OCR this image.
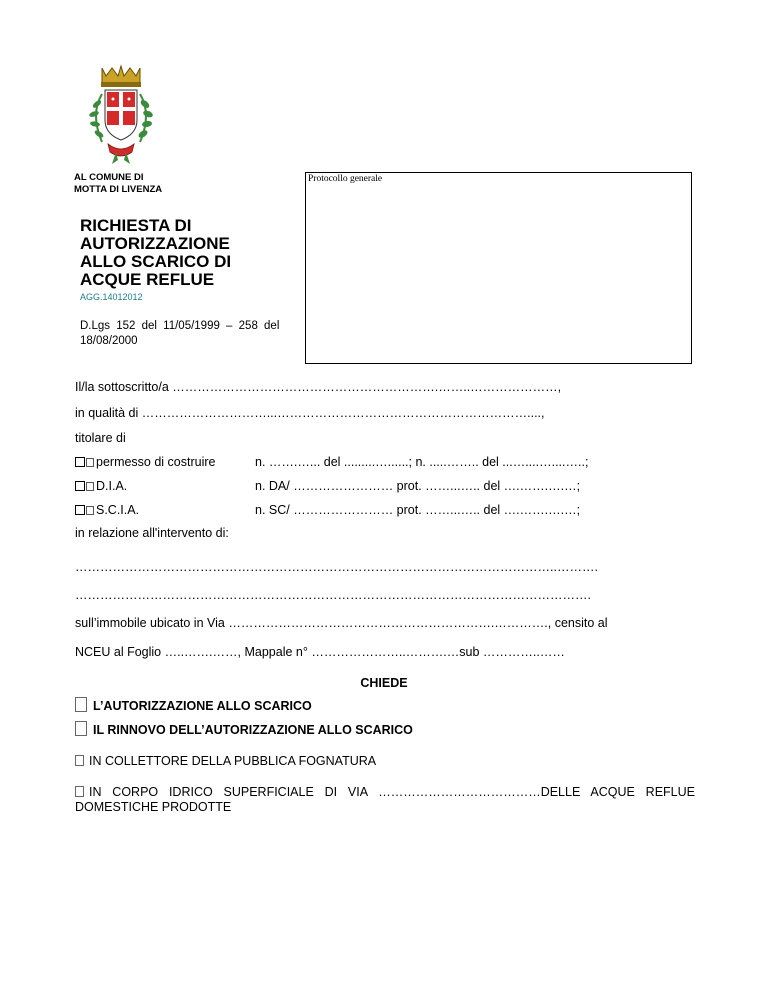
AL COMUNE DI
MOTTA DI LIVENZA
Protocollo generale
RICHIESTA DI
AUTORIZZAZIONE
ALLO SCARICO DI
ACQUE REFLUE
AGG.14012012
D.Lgs 152 del 11/05/1999 – 258 del 18/08/2000
Il/la sottoscritto/a ……………………………………………………….……..…………………,
in qualità di …………………………...……………………………………………………....,
titolare di
permesso di costruire	n. …….…... del .........…......; n. .....…….. del ...…....…....…..;
D.I.A.	n. DA/ …………………… prot. ……...….. del ….…….….…;
S.C.I.A.	n. SC/ …………………… prot. ……...….. del ….…….….…;
in relazione all'intervento di:
……………………………………………………………………………………………………..……….
…………………………………………………………………………………………………………….
sull’immobile ubicato in Via ……………………………………………………….…………., censito al
NCEU al Foglio …..…….……, Mappale n° …………………..……….…sub …………..……
CHIEDE
L’AUTORIZZAZIONE ALLO SCARICO
IL RINNOVO DELL’AUTORIZZAZIONE ALLO SCARICO
IN COLLETTORE DELLA PUBBLICA FOGNATURA
IN CORPO IDRICO SUPERFICIALE DI VIA …………………………………DELLE ACQUE REFLUE DOMESTICHE PRODOTTE
